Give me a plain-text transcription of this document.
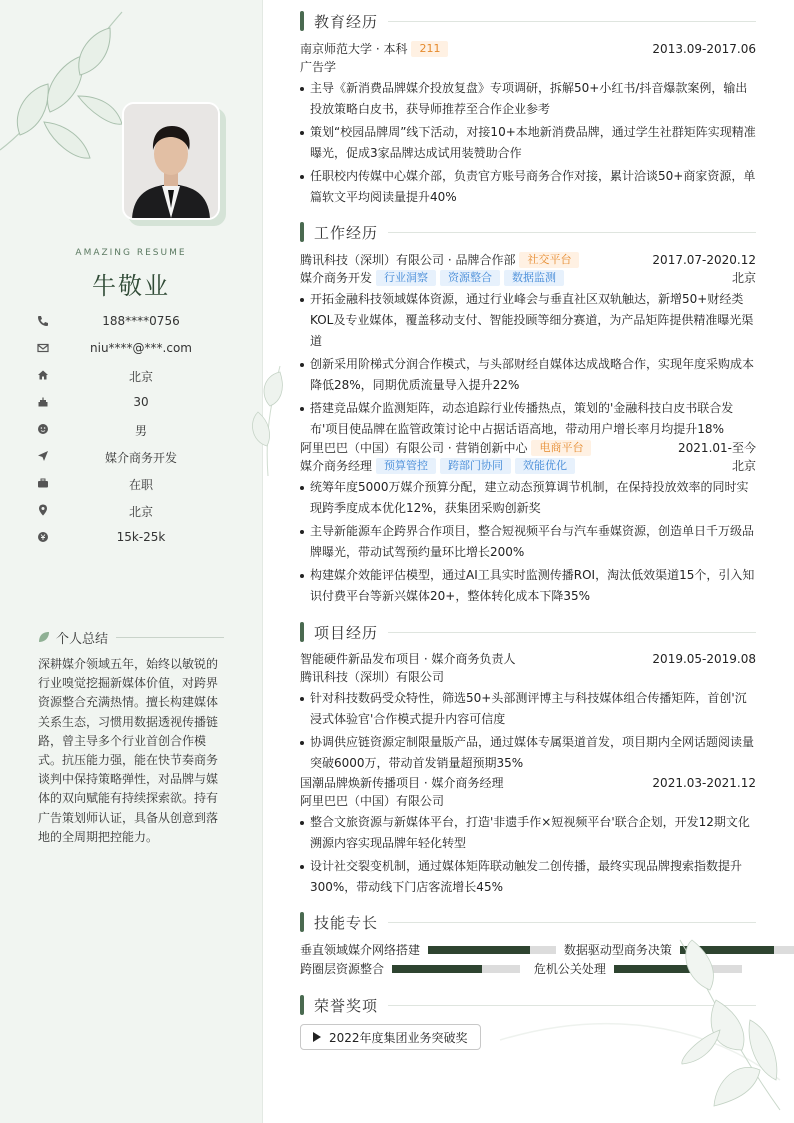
AMAZING RESUME
牛敬业
188****0756
niu****@***.com
北京
30
男
媒介商务开发
在职
北京
15k-25k
个人总结
深耕媒介领域五年，始终以敏锐的行业嗅觉挖掘新媒体价值，对跨界资源整合充满热情。擅长构建媒体关系生态，习惯用数据透视传播链路，曾主导多个行业首创合作模式。抗压能力强，能在快节奏商务谈判中保持策略弹性，对品牌与媒体的双向赋能有持续探索欲。持有广告策划师认证，具备从创意到落地的全周期把控能力。
教育经历
南京师范大学 · 本科	211	2013.09-2017.06
广告学
主导《新消费品牌媒介投放复盘》专项调研，拆解50+小红书/抖音爆款案例，输出投放策略白皮书，获导师推荐至合作企业参考
策划“校园品牌周”线下活动，对接10+本地新消费品牌，通过学生社群矩阵实现精准曝光，促成3家品牌达成试用装赞助合作
任职校内传媒中心媒介部，负责官方账号商务合作对接，累计洽谈50+商家资源，单篇软文平均阅读量提升40%
工作经历
腾讯科技（深圳）有限公司 · 品牌合作部	社交平台	2017.07-2020.12
媒介商务开发	行业洞察	资源整合	数据监测	北京
开拓金融科技领域媒体资源，通过行业峰会与垂直社区双轨触达，新增50+财经类KOL及专业媒体，覆盖移动支付、智能投顾等细分赛道，为产品矩阵提供精准曝光渠道
创新采用阶梯式分润合作模式，与头部财经自媒体达成战略合作，实现年度采购成本降低28%，同期优质流量导入提升22%
搭建竞品媒介监测矩阵，动态追踪行业传播热点，策划的'金融科技白皮书联合发布'项目使品牌在监管政策讨论中占据话语高地，带动用户增长率月均提升18%
阿里巴巴（中国）有限公司 · 营销创新中心	电商平台	2021.01-至今
媒介商务经理	预算管控	跨部门协同	效能优化	北京
统筹年度5000万媒介预算分配，建立动态预算调节机制，在保持投放效率的同时实现跨季度成本优化12%，获集团采购创新奖
主导新能源车企跨界合作项目，整合短视频平台与汽车垂媒资源，创造单日千万级品牌曝光，带动试驾预约量环比增长200%
构建媒介效能评估模型，通过AI工具实时监测传播ROI，淘汰低效渠道15个，引入知识付费平台等新兴媒体20+，整体转化成本下降35%
项目经历
智能硬件新品发布项目 · 媒介商务负责人	2019.05-2019.08
腾讯科技（深圳）有限公司
针对科技数码受众特性，筛选50+头部测评博主与科技媒体组合传播矩阵，首创'沉浸式体验官'合作模式提升内容可信度
协调供应链资源定制限量版产品，通过媒体专属渠道首发，项目期内全网话题阅读量突破6000万，带动首发销量超预期35%
国潮品牌焕新传播项目 · 媒介商务经理	2021.03-2021.12
阿里巴巴（中国）有限公司
整合文旅资源与新媒体平台，打造'非遗手作×短视频平台'联合企划，开发12期文化溯源内容实现品牌年轻化转型
设计社交裂变机制，通过媒体矩阵联动触发二创传播，最终实现品牌搜索指数提升300%，带动线下门店客流增长45%
技能专长
垂直领域媒介网络搭建
	数据驱动型商务决策
跨圈层资源整合
	危机公关处理
荣誉奖项
2022年度集团业务突破奖
